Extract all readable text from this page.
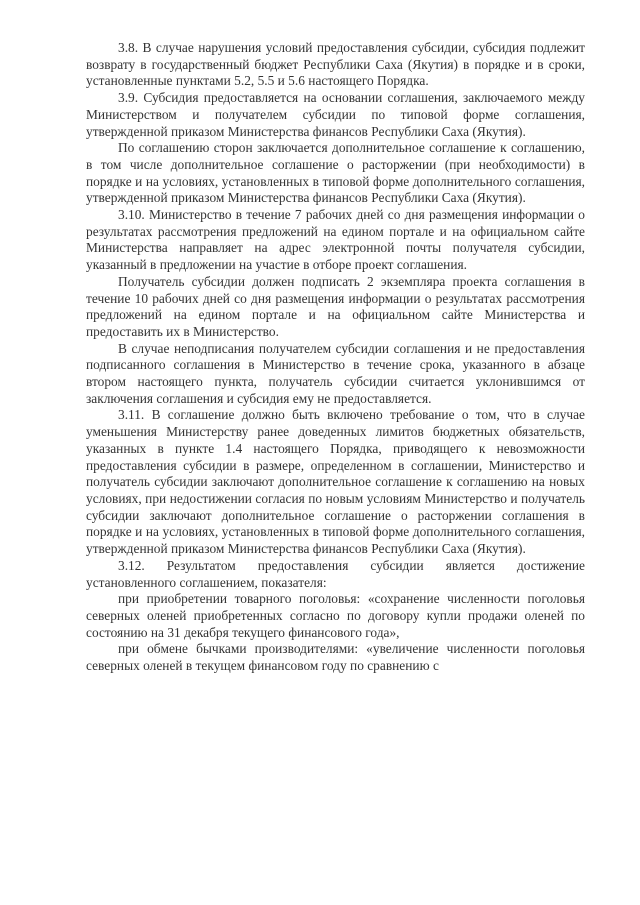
3.8. В случае нарушения условий предоставления субсидии, субсидия подлежит возврату в государственный бюджет Республики Саха (Якутия) в порядке и в сроки, установленные пунктами 5.2, 5.5 и 5.6 настоящего Порядка.

3.9. Субсидия предоставляется на основании соглашения, заключаемого между Министерством и получателем субсидии по типовой форме соглашения, утвержденной приказом Министерства финансов Республики Саха (Якутия).

По соглашению сторон заключается дополнительное соглашение к соглашению, в том числе дополнительное соглашение о расторжении (при необходимости) в порядке и на условиях, установленных в типовой форме дополнительного соглашения, утвержденной приказом Министерства финансов Республики Саха (Якутия).

3.10. Министерство в течение 7 рабочих дней со дня размещения информации о результатах рассмотрения предложений на едином портале и на официальном сайте Министерства направляет на адрес электронной почты получателя субсидии, указанный в предложении на участие в отборе проект соглашения.

Получатель субсидии должен подписать 2 экземпляра проекта соглашения в течение 10 рабочих дней со дня размещения информации о результатах рассмотрения предложений на едином портале и на официальном сайте Министерства и предоставить их в Министерство.

В случае неподписания получателем субсидии соглашения и не предоставления подписанного соглашения в Министерство в течение срока, указанного в абзаце втором настоящего пункта, получатель субсидии считается уклонившимся от заключения соглашения и субсидия ему не предоставляется.

3.11. В соглашение должно быть включено требование о том, что в случае уменьшения Министерству ранее доведенных лимитов бюджетных обязательств, указанных в пункте 1.4 настоящего Порядка, приводящего к невозможности предоставления субсидии в размере, определенном в соглашении, Министерство и получатель субсидии заключают дополнительное соглашение к соглашению на новых условиях, при недостижении согласия по новым условиям Министерство и получатель субсидии заключают дополнительное соглашение о расторжении соглашения в порядке и на условиях, установленных в типовой форме дополнительного соглашения, утвержденной приказом Министерства финансов Республики Саха (Якутия).

3.12. Результатом предоставления субсидии является достижение установленного соглашением, показателя:

при приобретении товарного поголовья: «сохранение численности поголовья северных оленей приобретенных согласно по договору купли продажи оленей по состоянию на 31 декабря текущего финансового года»,

при обмене бычками производителями: «увеличение численности поголовья северных оленей в текущем финансовом году по сравнению с
